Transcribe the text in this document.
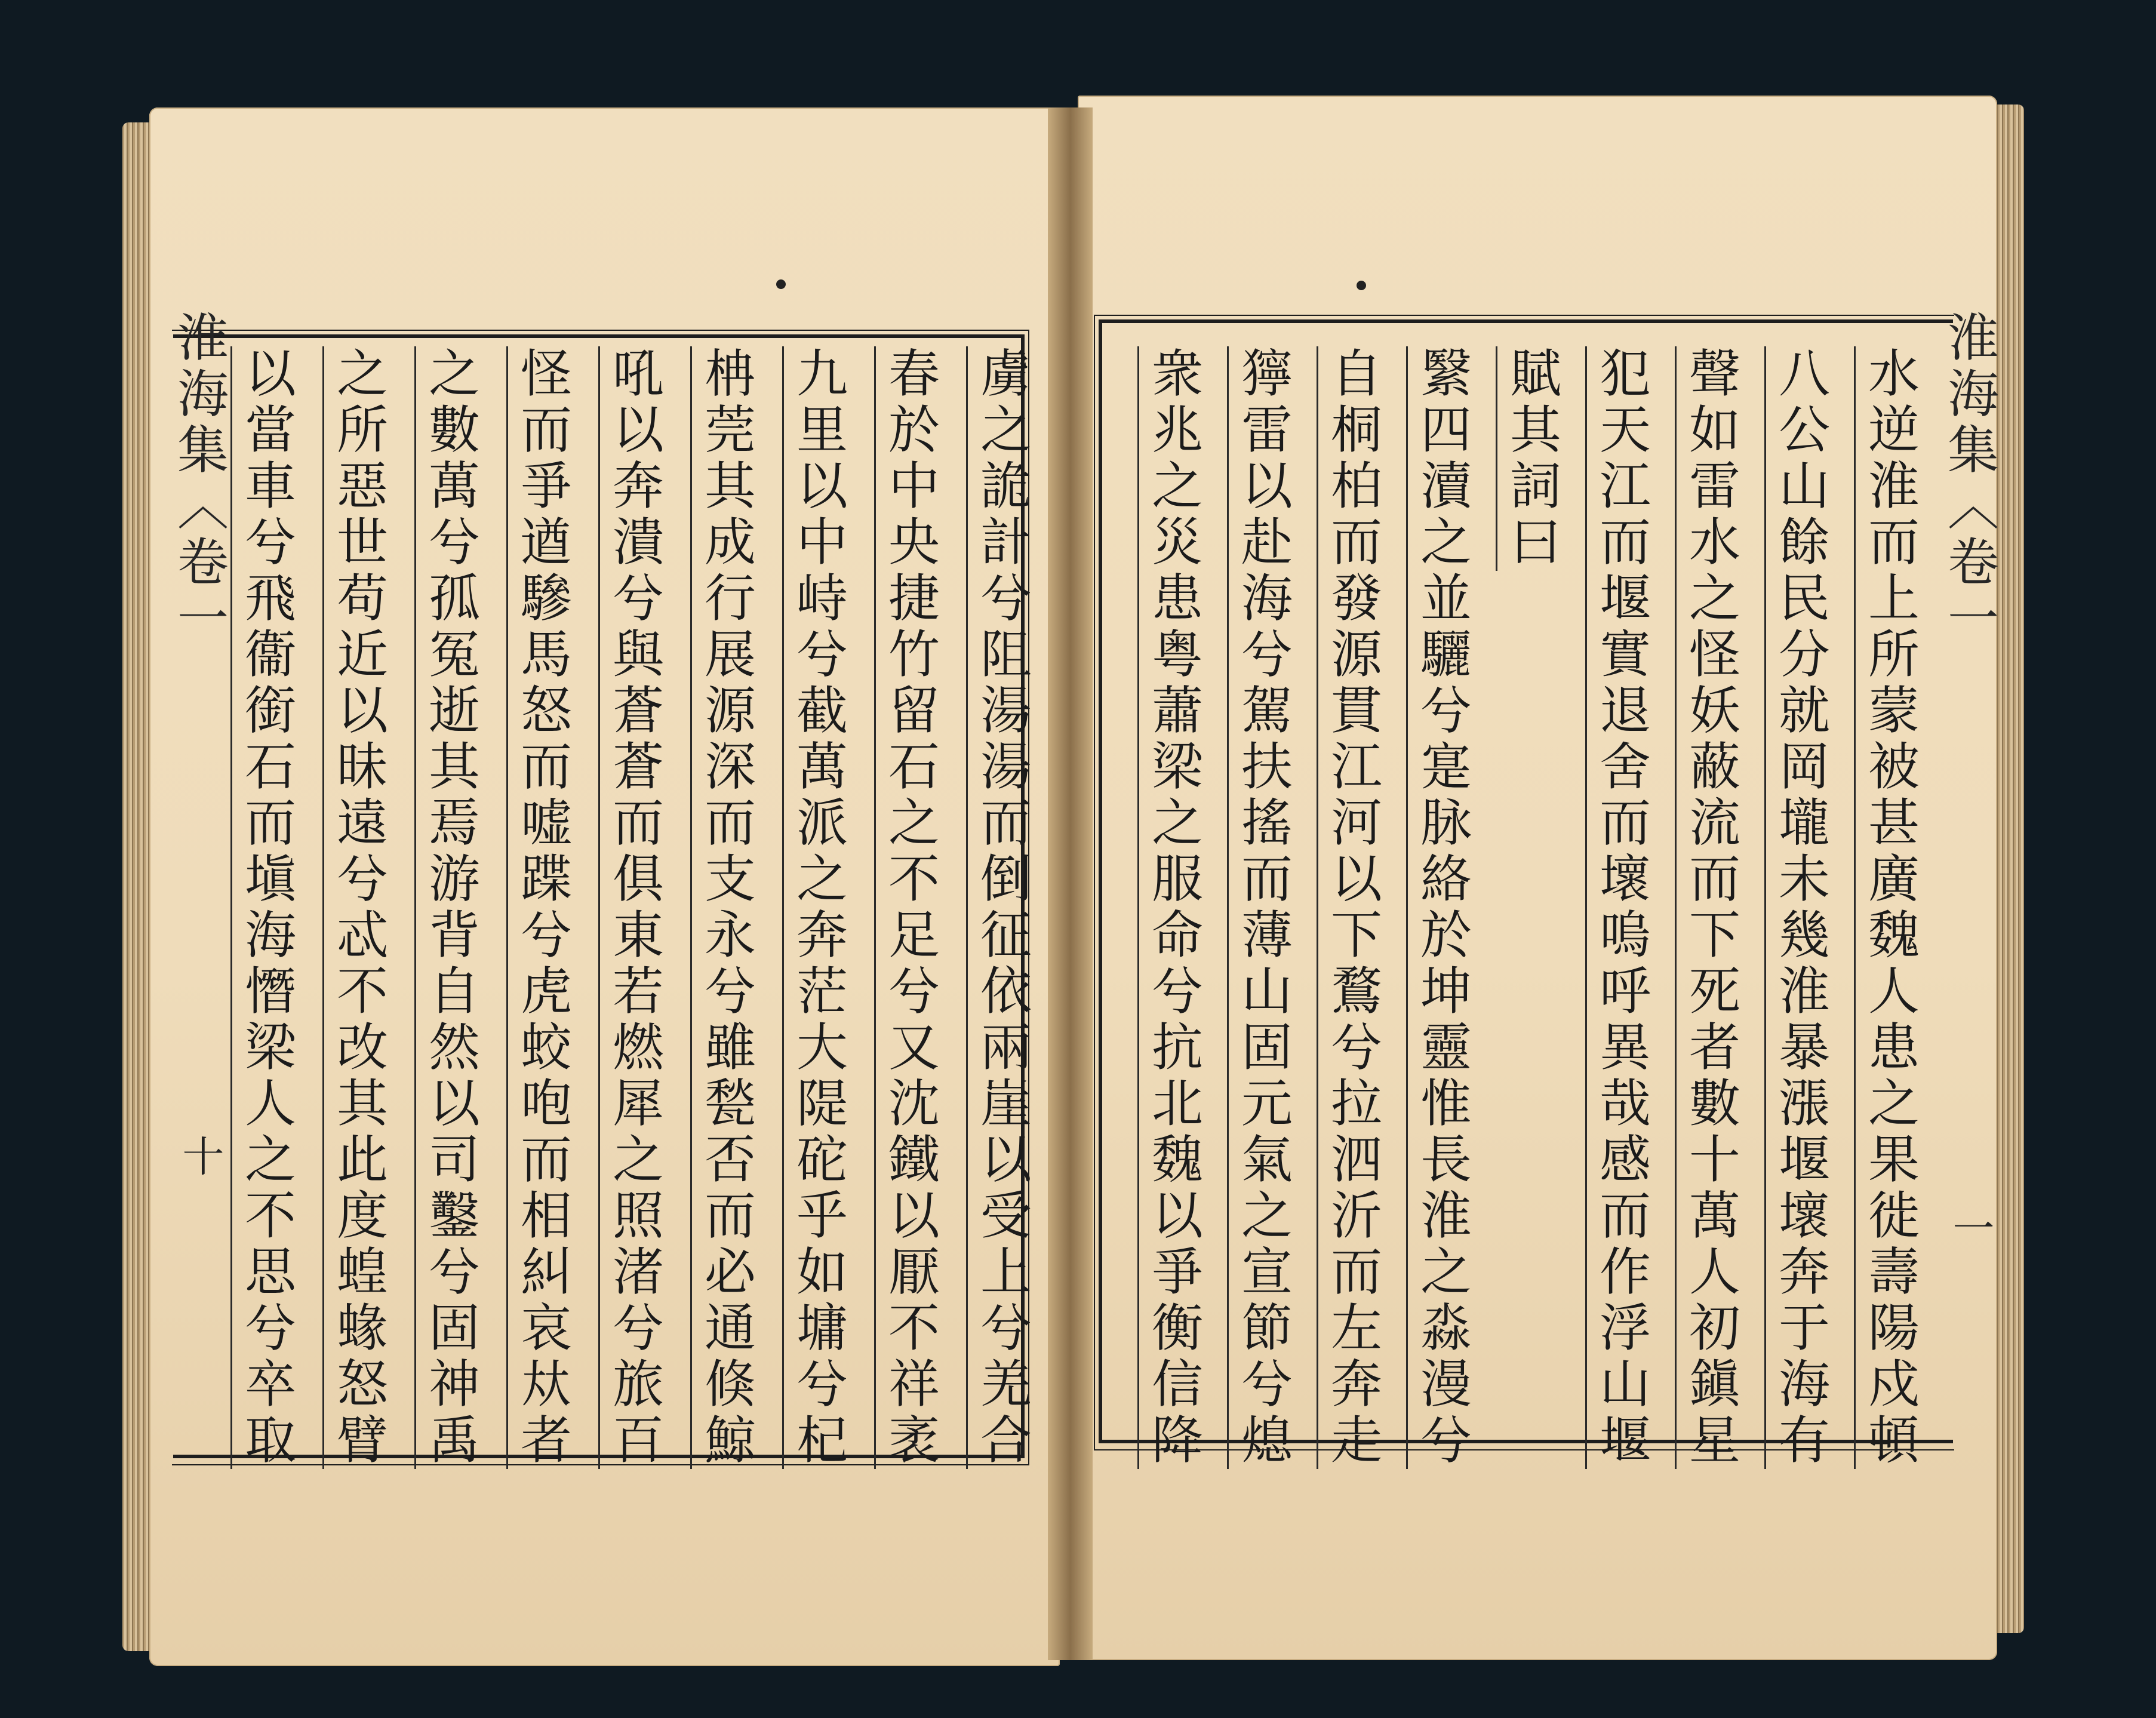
淮海集〈卷一
十	虜之詭計兮阻湯湯而倒征依兩崖以受上兮羌合
春於中央捷竹留石之不足兮又沈鐵以厭不祥袤
九里以中峙兮截萬派之奔茫大隄砣乎如墉兮杞
柟莞其成行展源深而支永兮雖甃否而必通倏鯨
吼以奔潰兮與蒼蒼而俱東若燃犀之照渚兮旅百
怪而爭遒驂馬怒而嘘蹀兮虎蛟咆而相糾哀夶者
之數萬兮孤冤逝其焉游背自然以司鑿兮固神禹
之所惡世苟近以昧遠兮忒不改其此度蝗蝝怒臂
以當車兮飛衞銜石而塡海憯梁人之不思兮卒取	淮海集〈卷一
一
水逆淮而上所蒙被甚廣魏人患之果徙壽陽戍頓
八公山餘民分就岡壠未幾淮暴漲堰壞奔于海有
聲如雷水之怪妖蔽流而下死者數十萬人初鎭星
犯天江而堰實退舍而壞嗚呼異哉感而作浮山堰
賦其詞曰
繄四瀆之並驪兮寔脉絡於坤靈惟長淮之淼漫兮
自桐柏而發源貫江河以下鶩兮拉泗沂而左奔走
獰雷以赴海兮駕扶搖而薄山固元氣之宣節兮熄
衆兆之災患粤蕭梁之服命兮抗北魏以爭衡信降
